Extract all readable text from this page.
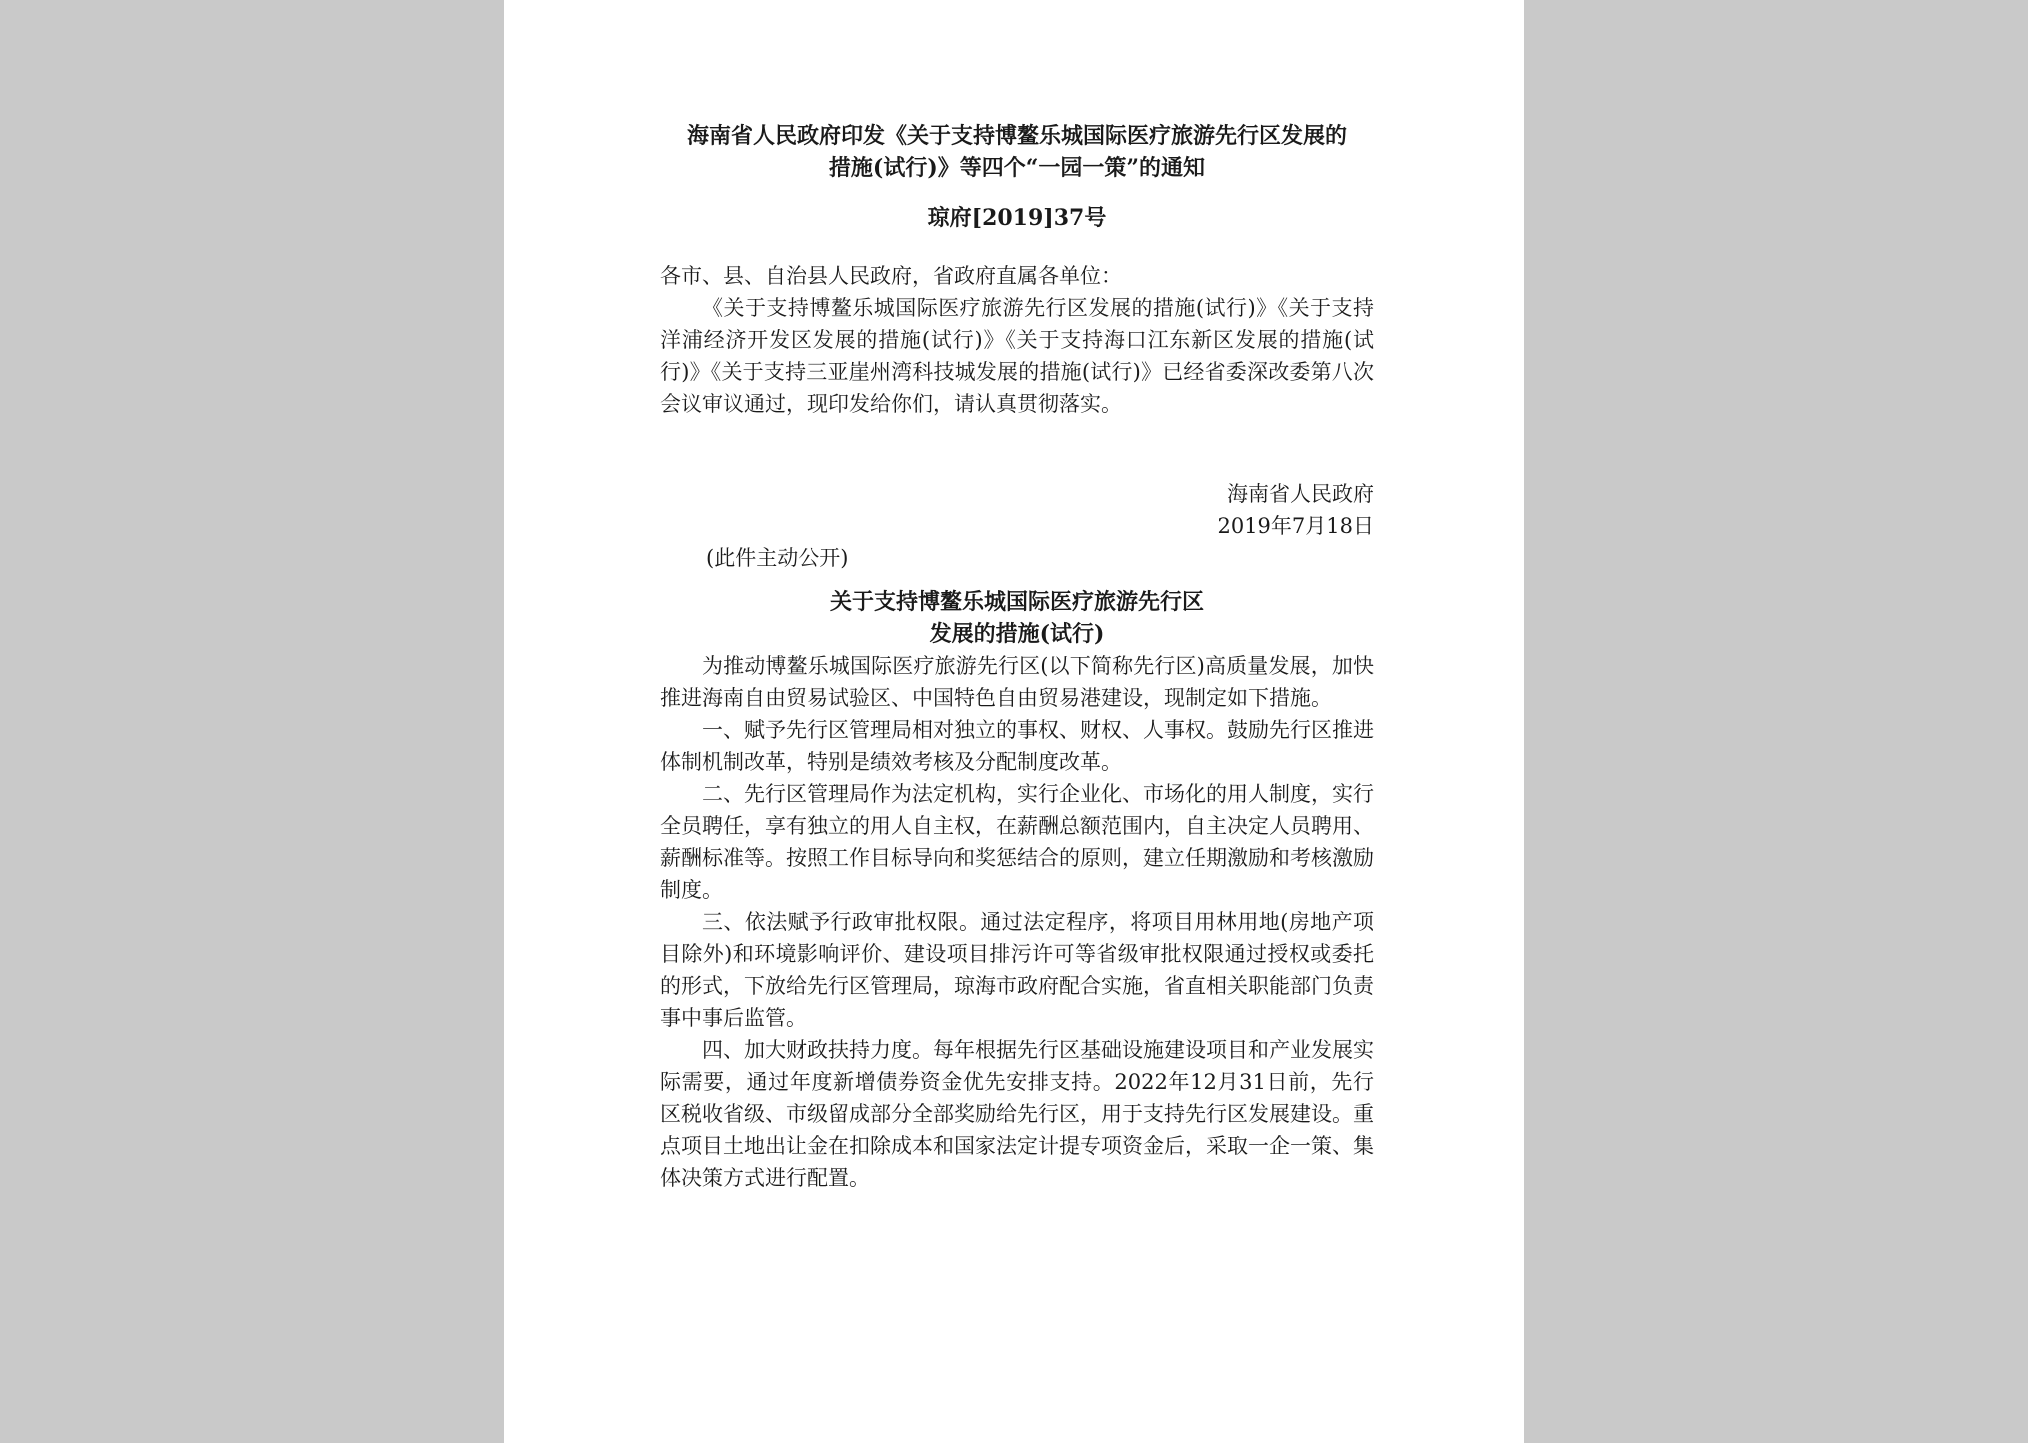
海南省人民政府印发《关于支持博鳌乐城国际医疗旅游先行区发展的
措施(试行)》等四个“一园一策”的通知

琼府[2019]37号

各市、县、自治县人民政府，省政府直属各单位：

《关于支持博鳌乐城国际医疗旅游先行区发展的措施(试行)》《关于支持洋浦经济开发区发展的措施(试行)》《关于支持海口江东新区发展的措施(试行)》《关于支持三亚崖州湾科技城发展的措施(试行)》已经省委深改委第八次会议审议通过，现印发给你们，请认真贯彻落实。

海南省人民政府
2019年7月18日

(此件主动公开)

关于支持博鳌乐城国际医疗旅游先行区
发展的措施(试行)

为推动博鳌乐城国际医疗旅游先行区(以下简称先行区)高质量发展，加快推进海南自由贸易试验区、中国特色自由贸易港建设，现制定如下措施。

一、赋予先行区管理局相对独立的事权、财权、人事权。鼓励先行区推进体制机制改革，特别是绩效考核及分配制度改革。

二、先行区管理局作为法定机构，实行企业化、市场化的用人制度，实行全员聘任，享有独立的用人自主权，在薪酬总额范围内，自主决定人员聘用、薪酬标准等。按照工作目标导向和奖惩结合的原则，建立任期激励和考核激励制度。

三、依法赋予行政审批权限。通过法定程序，将项目用林用地(房地产项目除外)和环境影响评价、建设项目排污许可等省级审批权限通过授权或委托的形式，下放给先行区管理局，琼海市政府配合实施，省直相关职能部门负责事中事后监管。

四、加大财政扶持力度。每年根据先行区基础设施建设项目和产业发展实际需要，通过年度新增债券资金优先安排支持。2022年12月31日前，先行区税收省级、市级留成部分全部奖励给先行区，用于支持先行区发展建设。重点项目土地出让金在扣除成本和国家法定计提专项资金后，采取一企一策、集体决策方式进行配置。
